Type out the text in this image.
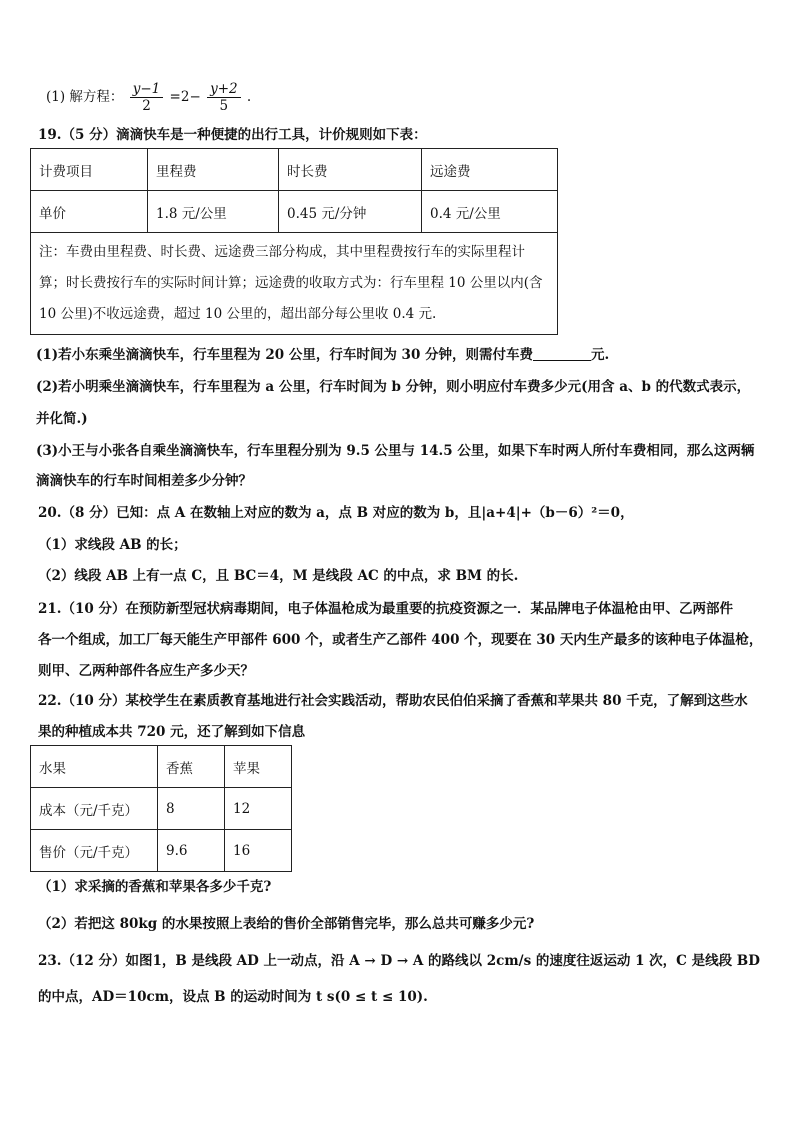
(1) 解方程： $\frac{y-1}{2} =2- \frac{y+2}{5}$ .
19.（5 分）滴滴快车是一种便捷的出行工具，计价规则如下表：
计费项目	里程费	时长费	远途费
单价	1.8 元/公里	0.45 元/分钟	0.4 元/公里
注：车费由里程费、时长费、远途费三部分构成，其中里程费按行车的实际里程计算；时长费按行车的实际时间计算；远途费的收取方式为：行车里程 10 公里以内(含 10 公里)不收远途费，超过 10 公里的，超出部分每公里收 0.4 元.			
(1)若小东乘坐滴滴快车，行车里程为 20 公里，行车时间为 30 分钟，则需付车费	元.
(2)若小明乘坐滴滴快车，行车里程为 a 公里，行车时间为 b 分钟，则小明应付车费多少元(用含 a、b 的代数式表示，
并化简.)
(3)小王与小张各自乘坐滴滴快车，行车里程分别为 9.5 公里与 14.5 公里，如果下车时两人所付车费相同，那么这两辆
滴滴快车的行车时间相差多少分钟？
20.（8 分）已知：点 A 在数轴上对应的数为 a，点 B 对应的数为 b，且|a+4|+（b－6）²＝0，
（1）求线段 AB 的长；
（2）线段 AB 上有一点 C，且 BC＝4，M 是线段 AC 的中点，求 BM 的长.
21.（10 分）在预防新型冠状病毒期间，电子体温枪成为最重要的抗疫资源之一．某品牌电子体温枪由甲、乙两部件
各一个组成，加工厂每天能生产甲部件 600 个，或者生产乙部件 400 个，现要在 30 天内生产最多的该种电子体温枪，
则甲、乙两种部件各应生产多少天？
22.（10 分）某校学生在素质教育基地进行社会实践活动，帮助农民伯伯采摘了香蕉和苹果共 80 千克，了解到这些水
果的种植成本共 720 元，还了解到如下信息
水果	香蕉	苹果
成本（元/千克）	8	12
售价（元/千克）	9.6	16
（1）求采摘的香蕉和苹果各多少千克?
（2）若把这 80kg 的水果按照上表给的售价全部销售完毕，那么总共可赚多少元?
23.（12 分）如图1，B 是线段 AD 上一动点，沿 A → D → A 的路线以 2cm/s 的速度往返运动 1 次，C 是线段 BD
的中点，AD＝10cm，设点 B 的运动时间为 t s(0 ≤ t ≤ 10).
